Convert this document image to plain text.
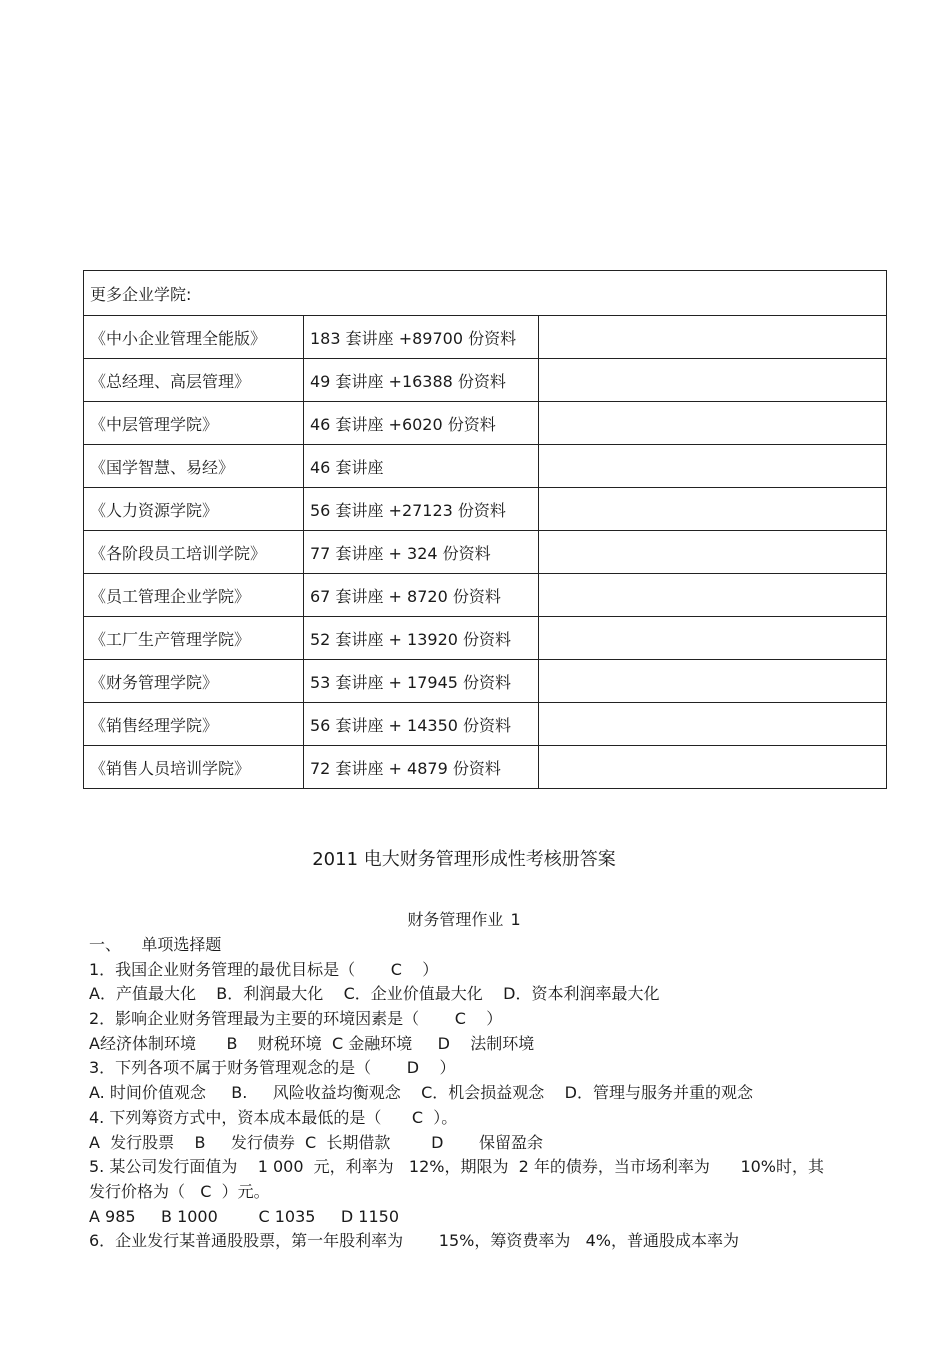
更多企业学院:		
《中小企业管理全能版》	183 套讲座 +89700 份资料	
《总经理、高层管理》	49 套讲座 +16388 份资料	
《中层管理学院》	46 套讲座 +6020 份资料	
《国学智慧、易经》	46 套讲座	
《人力资源学院》	56 套讲座 +27123 份资料	
《各阶段员工培训学院》	77 套讲座 + 324 份资料	
《员工管理企业学院》	67 套讲座 + 8720 份资料	
《工厂生产管理学院》	52 套讲座 + 13920 份资料	
《财务管理学院》	53 套讲座 + 17945 份资料	
《销售经理学院》	56 套讲座 + 14350 份资料	
《销售人员培训学院》	72 套讲座 + 4879 份资料	
2011 电大财务管理形成性考核册答案
财务管理作业 1
一、    单项选择题
1．我国企业财务管理的最优目标是（       C    ）
A．产值最大化    B．利润最大化    C．企业价值最大化    D．资本利润率最大化
2．影响企业财务管理最为主要的环境因素是（       C    ）
A经济体制环境      B    财税环境  C 金融环境     D    法制环境
3．下列各项不属于财务管理观念的是（       D    ）
A. 时间价值观念     B.     风险收益均衡观念    C．机会损益观念    D．管理与服务并重的观念
4. 下列筹资方式中，资本成本最低的是（      C  ）。
A  发行股票    B     发行债券  C  长期借款        D       保留盈余
5. 某公司发行面值为    1 000  元，利率为   12%，期限为  2 年的债券，当市场利率为      10%时，其
发行价格为（   C  ）元。
A 985     B 1000        C 1035     D 1150
6．企业发行某普通股股票，第一年股利率为       15%，筹资费率为   4%，普通股成本率为
